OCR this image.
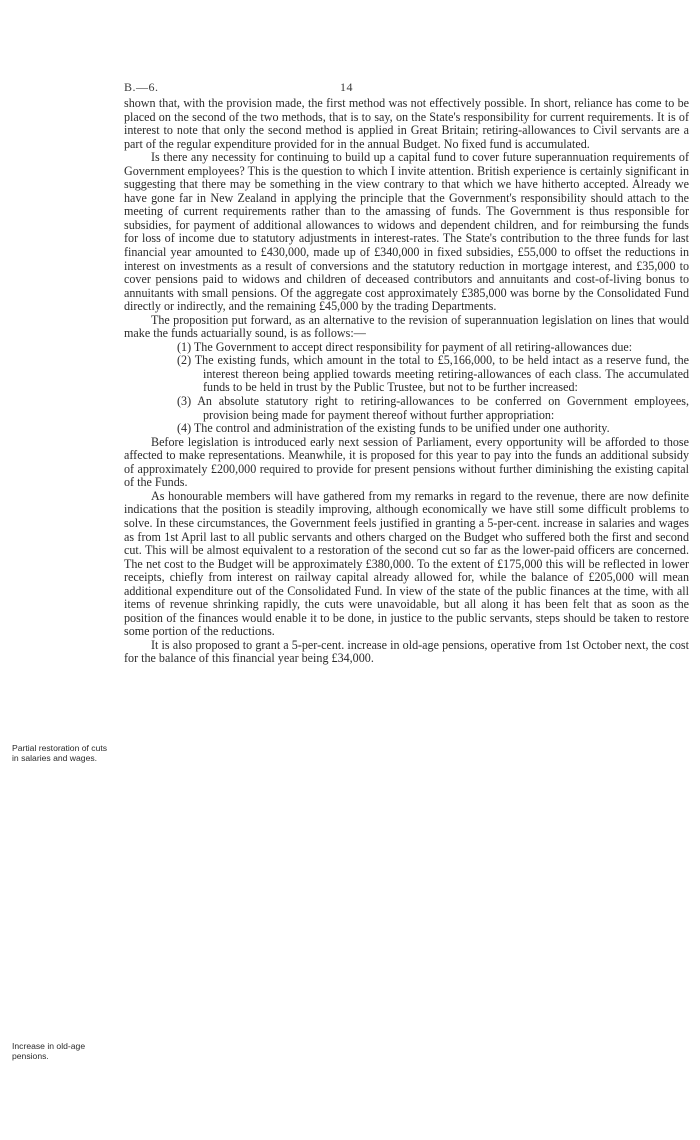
B.—6.	14

shown that, with the provision made, the first method was not effectively possible. In short, reliance has come to be placed on the second of the two methods, that is to say, on the State's responsibility for current requirements. It is of interest to note that only the second method is applied in Great Britain; retiring-allowances to Civil servants are a part of the regular expenditure provided for in the annual Budget. No fixed fund is accumulated.

Is there any necessity for continuing to build up a capital fund to cover future superannuation requirements of Government employees? This is the question to which I invite attention. British experience is certainly significant in suggesting that there may be something in the view contrary to that which we have hitherto accepted. Already we have gone far in New Zealand in applying the principle that the Government's responsibility should attach to the meeting of current requirements rather than to the amassing of funds. The Government is thus responsible for subsidies, for payment of additional allowances to widows and dependent children, and for reimbursing the funds for loss of income due to statutory adjustments in interest-rates. The State's contribution to the three funds for last financial year amounted to £430,000, made up of £340,000 in fixed subsidies, £55,000 to offset the reductions in interest on investments as a result of conversions and the statutory reduction in mortgage interest, and £35,000 to cover pensions paid to widows and children of deceased contributors and annuitants and cost-of-living bonus to annuitants with small pensions. Of the aggregate cost approximately £385,000 was borne by the Consolidated Fund directly or indirectly, and the remaining £45,000 by the trading Departments.

The proposition put forward, as an alternative to the revision of superannuation legislation on lines that would make the funds actuarially sound, is as follows:—

(1) The Government to accept direct responsibility for payment of all retiring-allowances due:

(2) The existing funds, which amount in the total to £5,166,000, to be held intact as a reserve fund, the interest thereon being applied towards meeting retiring-allowances of each class. The accumulated funds to be held in trust by the Public Trustee, but not to be further increased:

(3) An absolute statutory right to retiring-allowances to be conferred on Government employees, provision being made for payment thereof without further appropriation:

(4) The control and administration of the existing funds to be unified under one authority.

Before legislation is introduced early next session of Parliament, every opportunity will be afforded to those affected to make representations. Meanwhile, it is proposed for this year to pay into the funds an additional subsidy of approximately £200,000 required to provide for present pensions without further diminishing the existing capital of the Funds.

As honourable members will have gathered from my remarks in regard to the revenue, there are now definite indications that the position is steadily improving, although economically we have still some difficult problems to solve. In these circumstances, the Government feels justified in granting a 5-per-cent. increase in salaries and wages as from 1st April last to all public servants and others charged on the Budget who suffered both the first and second cut. This will be almost equivalent to a restoration of the second cut so far as the lower-paid officers are concerned. The net cost to the Budget will be approximately £380,000. To the extent of £175,000 this will be reflected in lower receipts, chiefly from interest on railway capital already allowed for, while the balance of £205,000 will mean additional expenditure out of the Consolidated Fund. In view of the state of the public finances at the time, with all items of revenue shrinking rapidly, the cuts were unavoidable, but all along it has been felt that as soon as the position of the finances would enable it to be done, in justice to the public servants, steps should be taken to restore some portion of the reductions.

It is also proposed to grant a 5-per-cent. increase in old-age pensions, operative from 1st October next, the cost for the balance of this financial year being £34,000.

Partial restoration of cuts in salaries and wages.
Increase in old-age pensions.
